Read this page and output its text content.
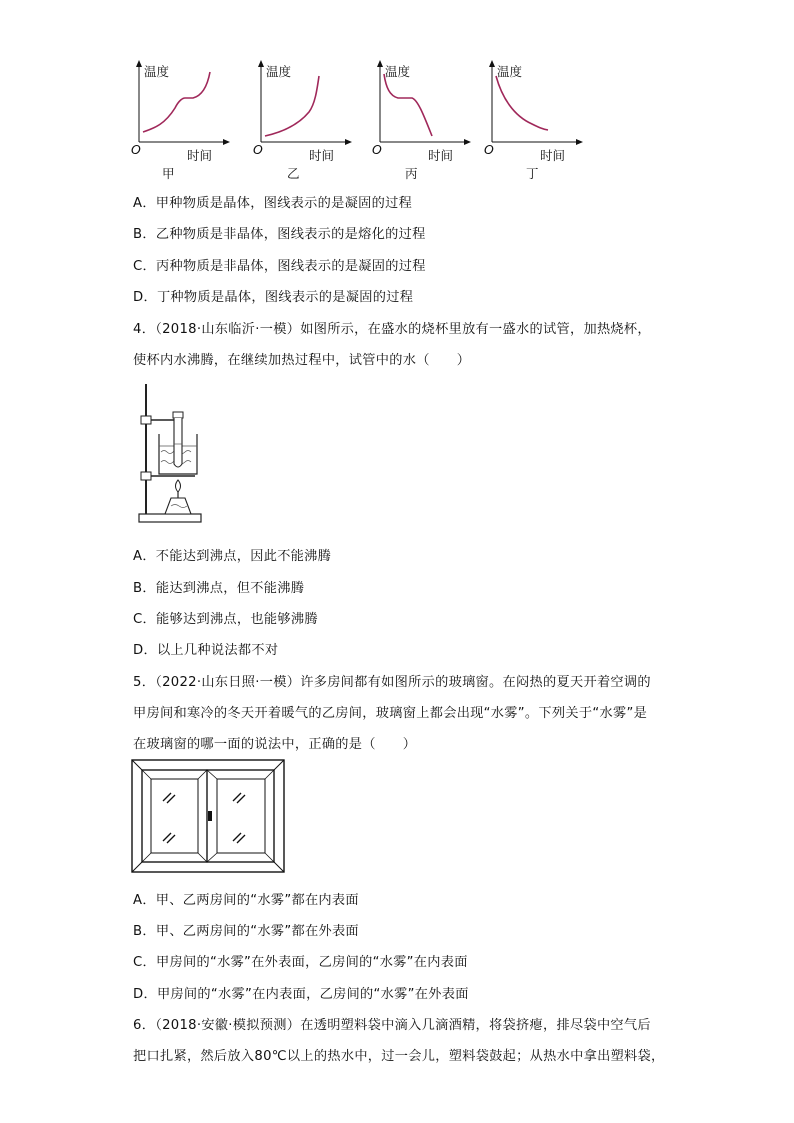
温度
O	时间
甲
温度
O	时间
乙
温度
O	时间
丙
温度
O	时间
丁
A．甲种物质是晶体，图线表示的是凝固的过程
B．乙种物质是非晶体，图线表示的是熔化的过程
C．丙种物质是非晶体，图线表示的是凝固的过程
D．丁种物质是晶体，图线表示的是凝固的过程
4．（2018·山东临沂·一模）如图所示，在盛水的烧杯里放有一盛水的试管，加热烧杯，
使杯内水沸腾，在继续加热过程中，试管中的水（　　）
A．不能达到沸点，因此不能沸腾
B．能达到沸点，但不能沸腾
C．能够达到沸点，也能够沸腾
D．以上几种说法都不对
5．（2022·山东日照·一模）许多房间都有如图所示的玻璃窗。在闷热的夏天开着空调的
甲房间和寒冷的冬天开着暖气的乙房间，玻璃窗上都会出现“水雾”。下列关于“水雾”是
在玻璃窗的哪一面的说法中，正确的是（　　）
A．甲、乙两房间的“水雾”都在内表面
B．甲、乙两房间的“水雾”都在外表面
C．甲房间的“水雾”在外表面，乙房间的“水雾”在内表面
D．甲房间的“水雾”在内表面，乙房间的“水雾”在外表面
6．（2018·安徽·模拟预测）在透明塑料袋中滴入几滴酒精，将袋挤瘪，排尽袋中空气后
把口扎紧，然后放入80℃以上的热水中，过一会儿，塑料袋鼓起；从热水中拿出塑料袋，
